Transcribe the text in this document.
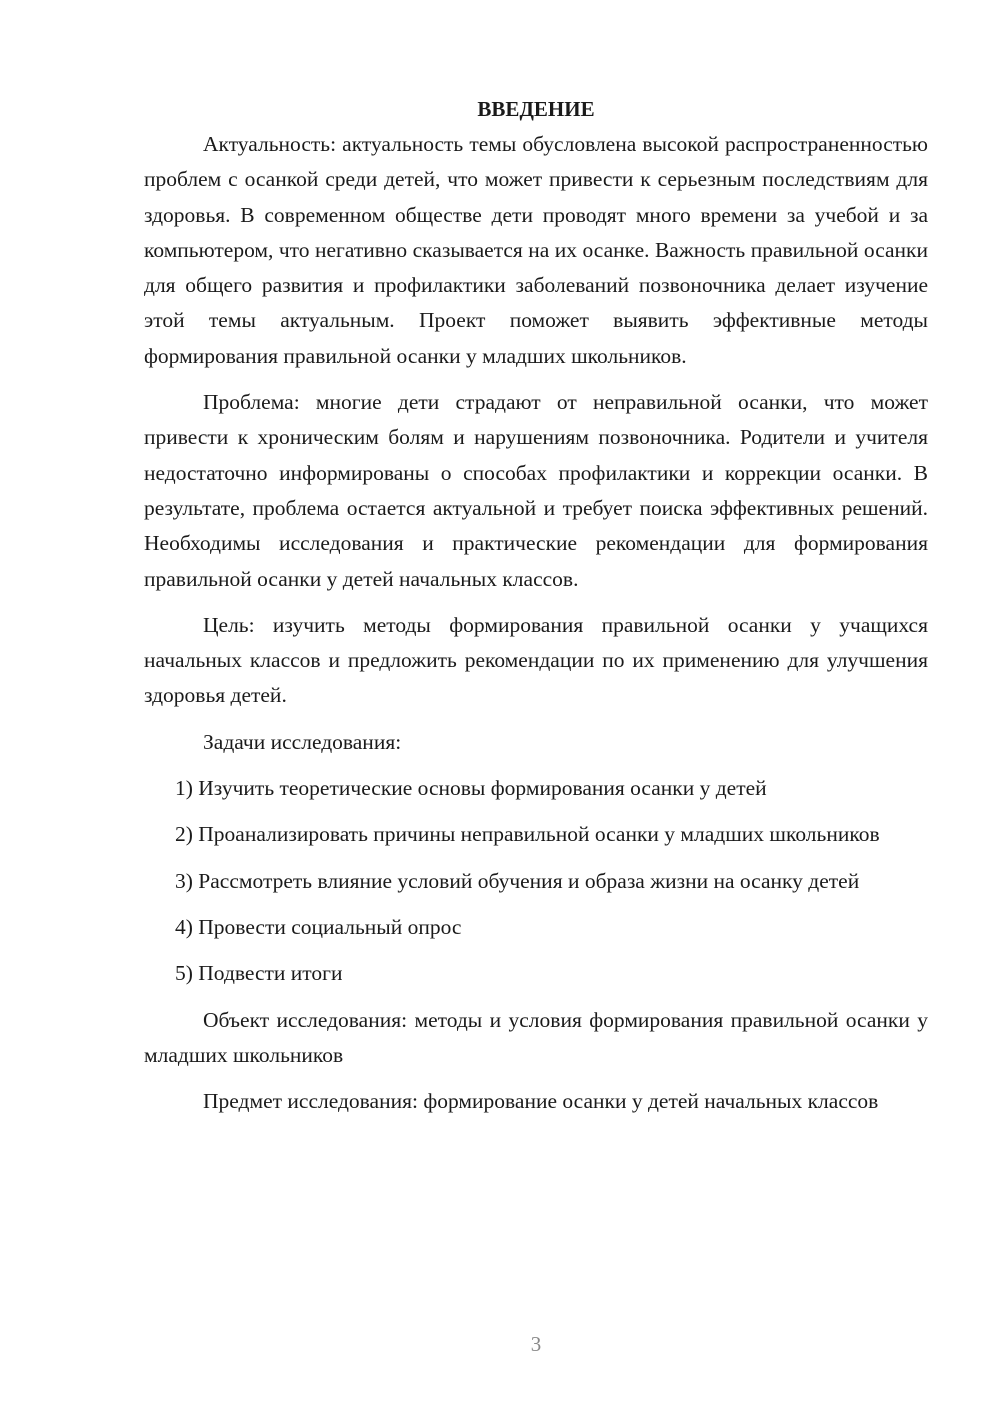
ВВЕДЕНИЕ

Актуальность: актуальность темы обусловлена высокой распространенностью проблем с осанкой среди детей, что может привести к серьезным последствиям для здоровья. В современном обществе дети проводят много времени за учебой и за компьютером, что негативно сказывается на их осанке. Важность правильной осанки для общего развития и профилактики заболеваний позвоночника делает изучение этой темы актуальным. Проект поможет выявить эффективные методы формирования правильной осанки у младших школьников.

Проблема: многие дети страдают от неправильной осанки, что может привести к хроническим болям и нарушениям позвоночника. Родители и учителя недостаточно информированы о способах профилактики и коррекции осанки. В результате, проблема остается актуальной и требует поиска эффективных решений. Необходимы исследования и практические рекомендации для формирования правильной осанки у детей начальных классов.

Цель: изучить методы формирования правильной осанки у учащихся начальных классов и предложить рекомендации по их применению для улучшения здоровья детей.

Задачи исследования:

1) Изучить теоретические основы формирования осанки у детей

2) Проанализировать причины неправильной осанки у младших школьников

3) Рассмотреть влияние условий обучения и образа жизни на осанку детей

4) Провести социальный опрос

5) Подвести итоги

Объект исследования: методы и условия формирования правильной осанки у младших школьников

Предмет исследования: формирование осанки у детей начальных классов

3
